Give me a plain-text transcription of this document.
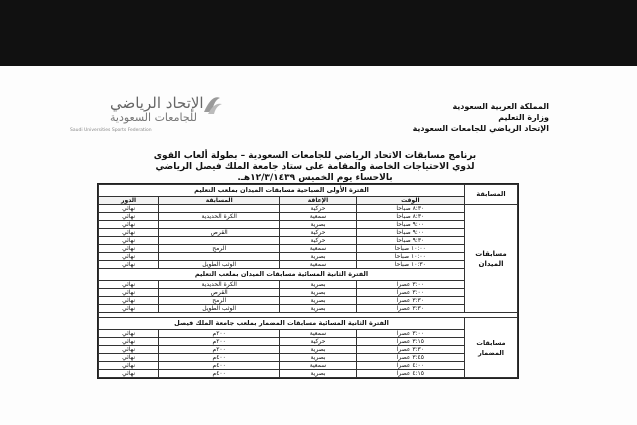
المملكة العربية السعودية
وزارة التعليم
الإتحاد الرياضي للجامعات السعودية
الإتحاد الرياضي
للجامعات السعودية
Saudi Universities Sports Federation
برنامج مسابقات الاتحاد الرياضي للجامعات السعودية – بطولة ألعاب القوى
لذوي الاحتياجات الخاصة والمقامة على ستاد جامعة الملك فيصل الرياضي
بالاحساء يوم الخميس ١٢/٣/١٤٣٩هـ.
المسابقة	الفترة الأولى الصباحية مسابقات الميدان بملعب التعليم			
	الوقت	الإعاقة	المسابقة	الدور
مسابقات الميدان	٨:٣٠ صباحا	حركية		نهائي
	٨:٣٠ صباحا	سمعية	الكرة الحديدية	نهائي
	٩:٠٠ صباحا	بصرية		نهائي
	٩:٠٠ صباحا	حركية	القرص	نهائي
	٩:٣٠ صباحا	حركية		نهائي
	١٠:٠٠ صباحا	سمعية	الرمح	نهائي
	١٠:٠٠ صباحا	بصرية		نهائي
	١٠:٣٠ صباحا	سمعية	الوثب الطويل	نهائي
	الفترة الثانية المسائية مسابقات الميدان بملعب التعليم			
	٣:٠٠ عصرا	بصرية	الكرة الحديدية	نهائي
	٣:٠٠ عصرا	بصرية	القرص	نهائي
	٣:٣٠ عصرا	بصرية	الرمح	نهائي
	٣:٣٠ عصرا	بصرية	الوثب الطويل	نهائي

مسابقات المضمار	الفترة الثانية المسائية مسابقات المضمار بملعب جامعة الملك فيصل			
	٣:٠٠ عصرا	سمعية	٢٠٠م	نهائي
	٣:١٥ عصرا	حركية	٢٠٠م	نهائي
	٣:٣٠ عصرا	بصرية	٢٠٠م	نهائي
	٣:٤٥ عصرا	بصرية	٤٠٠م	نهائي
	٤:٠٠ عصرا	سمعية	٤٠٠م	نهائي
	٤:١٥ عصرا	بصرية	٤٠٠م	نهائي
